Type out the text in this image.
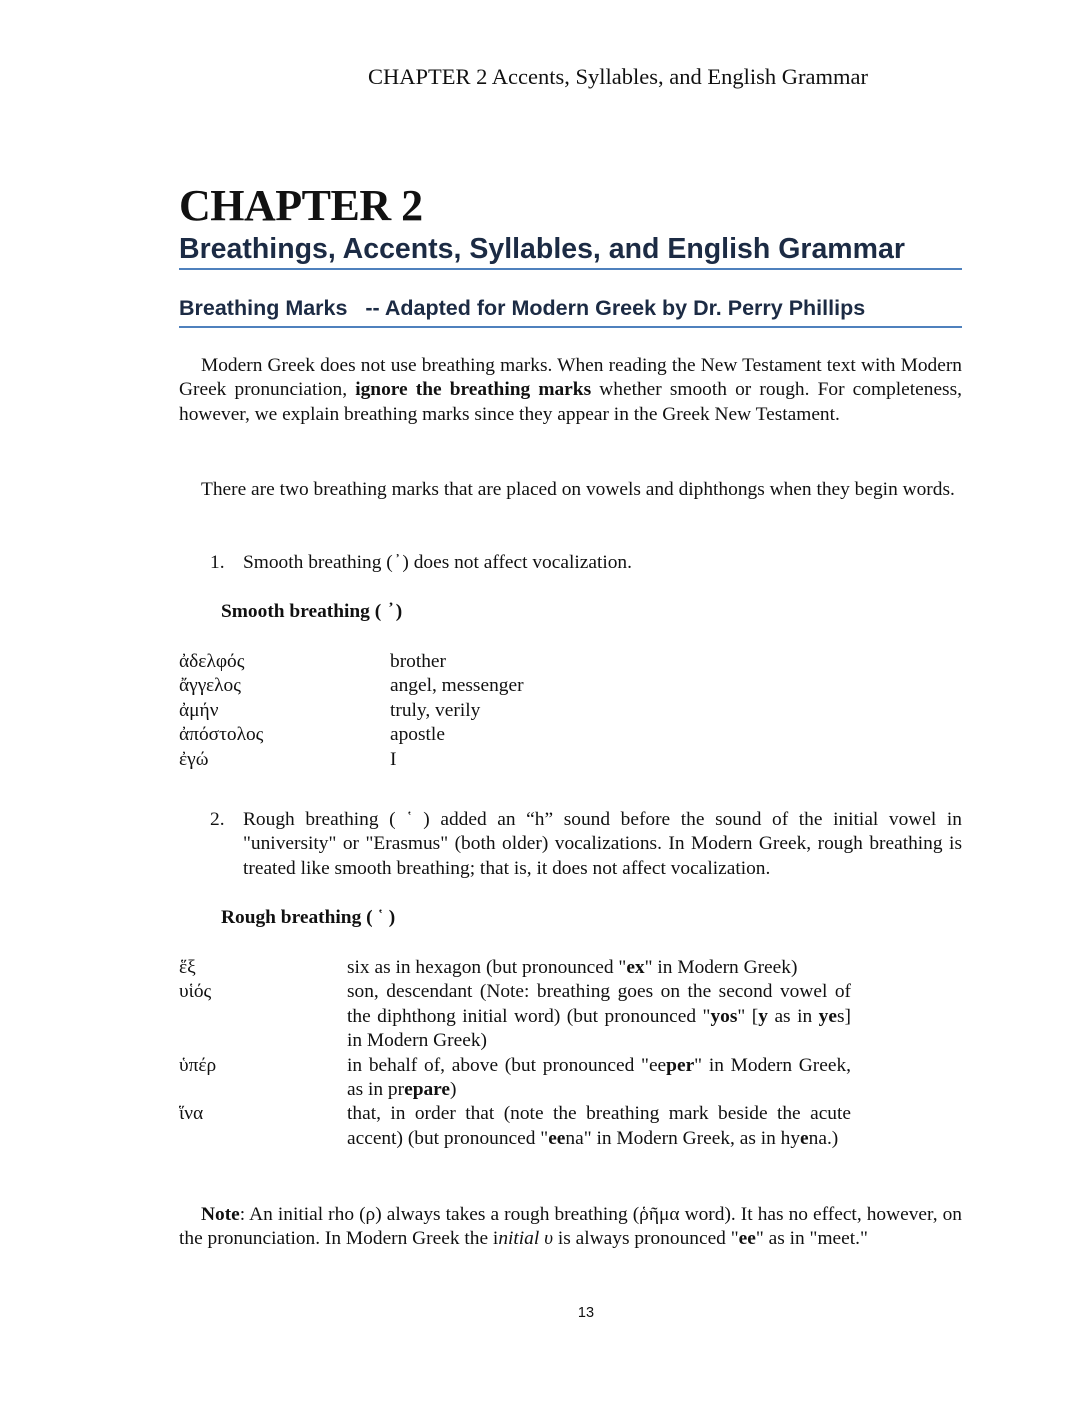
CHAPTER 2 Accents, Syllables, and English Grammar
CHAPTER 2
Breathings, Accents, Syllables, and English Grammar
Breathing Marks   -- Adapted for Modern Greek by Dr. Perry Phillips
Modern Greek does not use breathing marks. When reading the New Testament text with Modern Greek pronunciation, ignore the breathing marks whether smooth or rough. For completeness, however, we explain breathing marks since they appear in the Greek New Testament.
There are two breathing marks that are placed on vowels and diphthongs when they begin words.
1. Smooth breathing ( ̓ ) does not affect vocalization.
Smooth breathing (  ̓ )
ἀδελφός	brother
ἄγγελος	angel, messenger
ἀμήν	truly, verily
ἀπόστολος	apostle
ἐγώ	I
2. Rough breathing ( ῾ ) added an “h” sound before the sound of the initial vowel in "university" or "Erasmus" (both older) vocalizations. In Modern Greek, rough breathing is treated like smooth breathing; that is, it does not affect vocalization.
Rough breathing ( ῾ )
ἕξ	six as in hexagon (but pronounced "ex" in Modern Greek)
υἱός	son, descendant (Note: breathing goes on the second vowel of the diphthong initial word) (but pronounced "yos" [y as in yes] in Modern Greek)
ὑπέρ	in behalf of, above (but pronounced "eeper" in Modern Greek, as in prepare)
ἵνα	that, in order that (note the breathing mark beside the acute accent) (but pronounced "eena" in Modern Greek, as in hyena.)
Note: An initial rho (ρ) always takes a rough breathing (ῥῆμα word). It has no effect, however, on the pronunciation. In Modern Greek the initial υ is always pronounced "ee" as in "meet."
13
